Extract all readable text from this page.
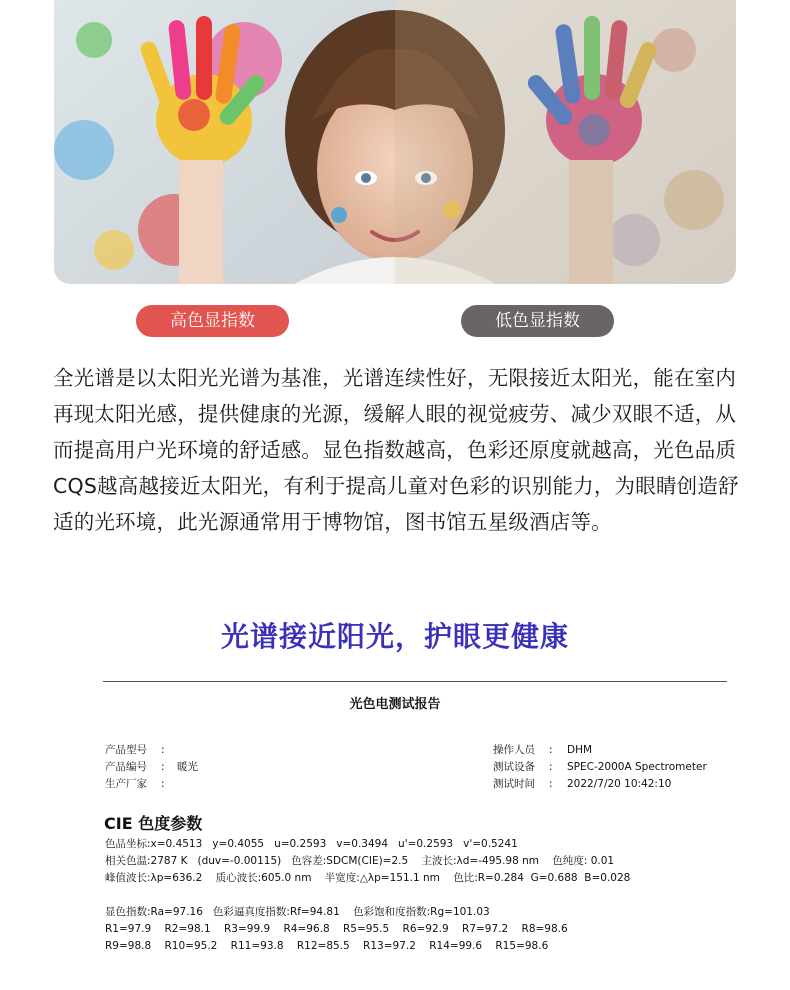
高色显指数	低色显指数

全光谱是以太阳光光谱为基准，光谱连续性好，无限接近太阳光，能在室内再现太阳光感，提供健康的光源，缓解人眼的视觉疲劳、减少双眼不适，从而提高用户光环境的舒适感。显色指数越高，色彩还原度就越高，光色品质CQS越高越接近太阳光，有利于提高儿童对色彩的识别能力，为眼睛创造舒适的光环境，此光源通常用于博物馆，图书馆五星级酒店等。

光谱接近阳光，护眼更健康
光色电测试报告
产品型号	:
产品编号	:	暖光
生产厂家	:
操作人员	:	DHM
测试设备	:	SPEC-2000A Spectrometer
测试时间	:	2022/7/20 10:42:10
CIE 色度参数
色品坐标:x=0.4513   y=0.4055   u=0.2593   v=0.3494   u'=0.2593   v'=0.5241
相关色温:2787 K   (duv=-0.00115)   色容差:SDCM(CIE)=2.5    主波长:λd=-495.98 nm    色纯度: 0.01
峰值波长:λp=636.2    质心波长:605.0 nm    半宽度:△λp=151.1 nm    色比:R=0.284  G=0.688  B=0.028

显色指数:Ra=97.16   色彩逼真度指数:Rf=94.81    色彩饱和度指数:Rg=101.03
R1=97.9    R2=98.1    R3=99.9    R4=96.8    R5=95.5    R6=92.9    R7=97.2    R8=98.6
R9=98.8    R10=95.2    R11=93.8    R12=85.5    R13=97.2    R14=99.6    R15=98.6
